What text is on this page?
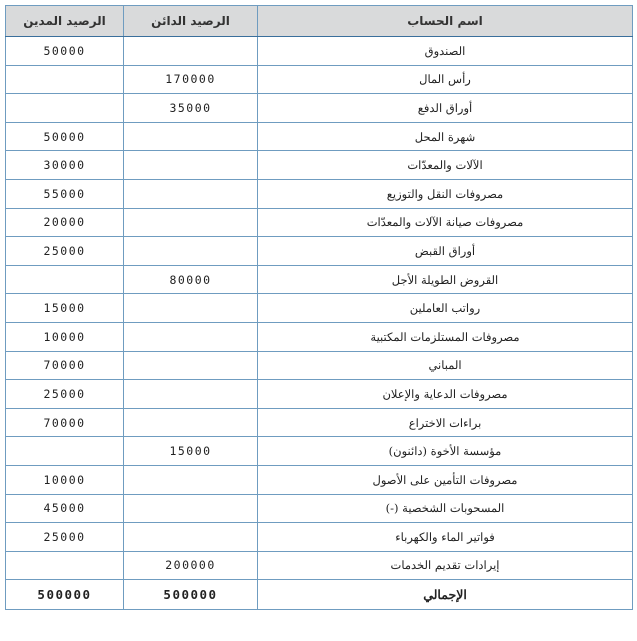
اسم الحساب	الرصيد الدائن	الرصيد المدين
الصندوق		50000
رأس المال	170000	
أوراق الدفع	35000	
شهرة المحل		50000
الآلات والمعدّات		30000
مصروفات النقل والتوزيع		55000
مصروفات صيانة الآلات والمعدّات		20000
أوراق القبض		25000
القروض الطويلة الأجل	80000	
رواتب العاملين		15000
مصروفات المستلزمات المكتبية		10000
المباني		70000
مصروفات الدعاية والإعلان		25000
براءات الاختراع		70000
مؤسسة الأخوة (دائنون)	15000	
مصروفات التأمين على الأصول		10000
المسحوبات الشخصية (-)		45000
فواتير الماء والكهرباء		25000
إيرادات تقديم الخدمات	200000	
الإجمالي	500000	500000
